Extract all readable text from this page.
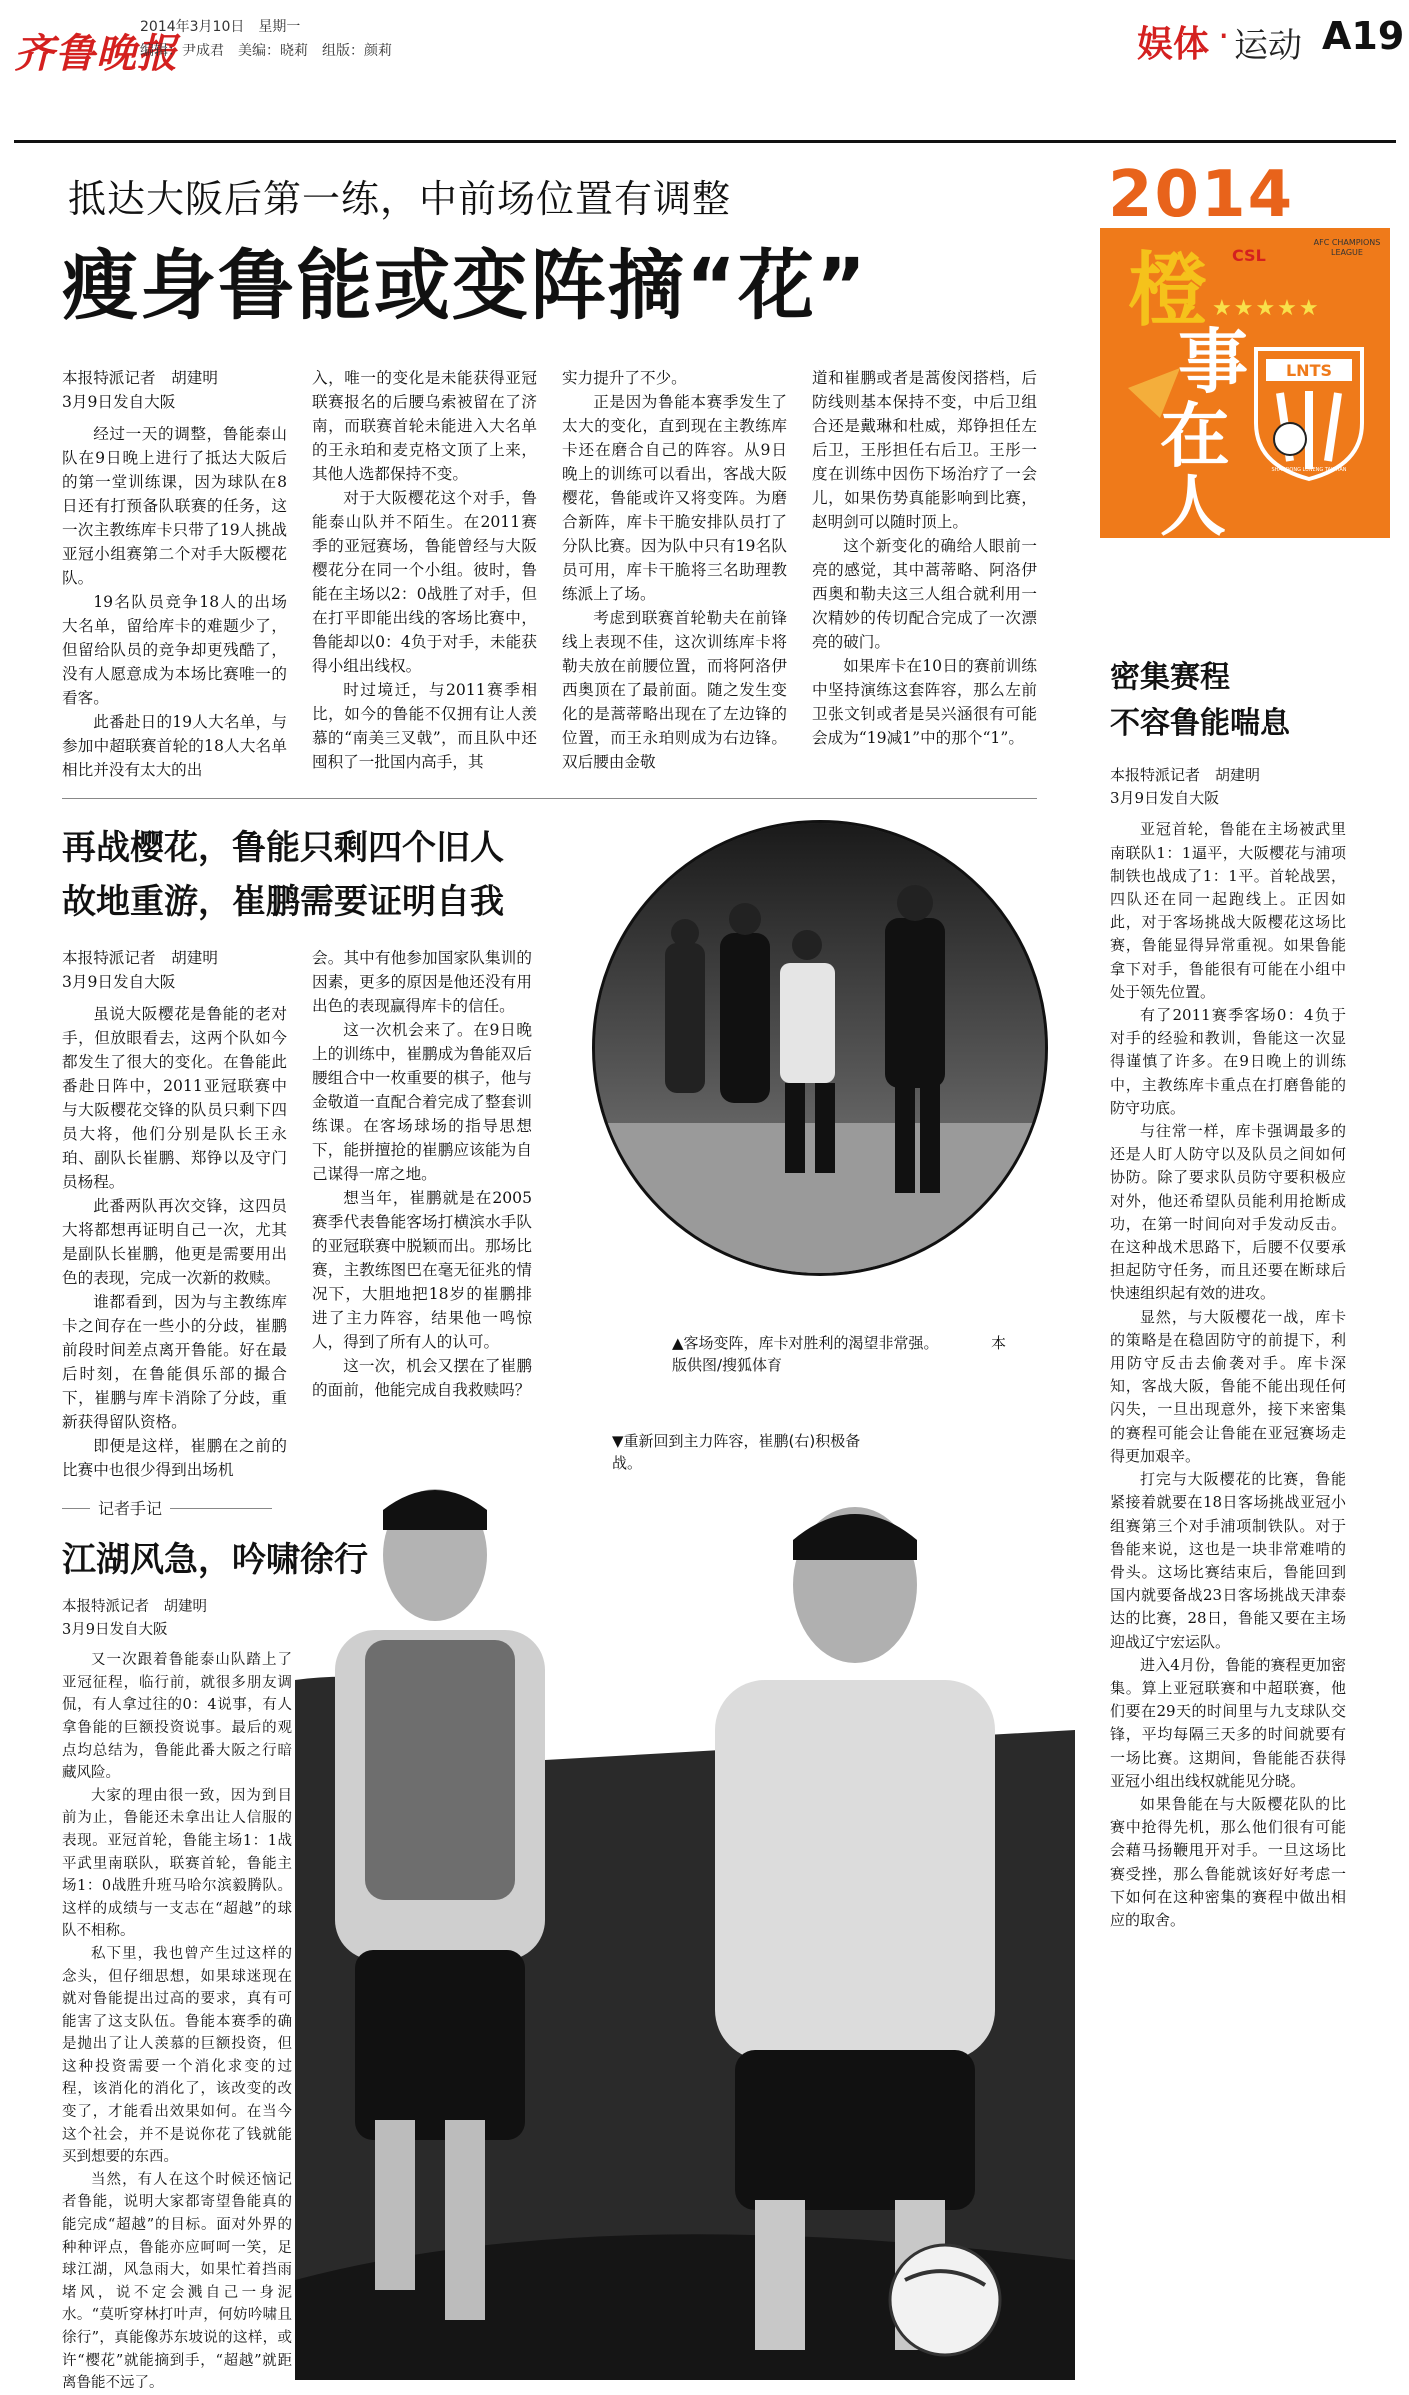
齐鲁晚报
2014年3月10日　星期一
编辑：尹成君　美编：晓莉　组版：颜莉	娱体 · 运动 A19
抵达大阪后第一练，中前场位置有调整
瘦身鲁能或变阵摘“花”
2014
橙
事
在
人
★★★★★
CSL
AFC CHAMPIONS LEAGUE
LNTS
SHANDONG LUNENG TAISHAN

本报特派记者　胡建明

3月9日发自大阪

经过一天的调整，鲁能泰山队在9日晚上进行了抵达大阪后的第一堂训练课，因为球队在8日还有打预备队联赛的任务，这一次主教练库卡只带了19人挑战亚冠小组赛第二个对手大阪樱花队。

19名队员竞争18人的出场大名单，留给库卡的难题少了，但留给队员的竞争却更残酷了，没有人愿意成为本场比赛唯一的看客。

此番赴日的19人大名单，与参加中超联赛首轮的18人大名单相比并没有太大的出

入，唯一的变化是未能获得亚冠联赛报名的后腰乌索被留在了济南，而联赛首轮未能进入大名单的王永珀和麦克格文顶了上来，其他人选都保持不变。

对于大阪樱花这个对手，鲁能泰山队并不陌生。在2011赛季的亚冠赛场，鲁能曾经与大阪樱花分在同一个小组。彼时，鲁能在主场以2：0战胜了对手，但在打平即能出线的客场比赛中，鲁能却以0：4负于对手，未能获得小组出线权。

时过境迁，与2011赛季相比，如今的鲁能不仅拥有让人羡慕的“南美三叉戟”，而且队中还囤积了一批国内高手，其

实力提升了不少。

正是因为鲁能本赛季发生了太大的变化，直到现在主教练库卡还在磨合自己的阵容。从9日晚上的训练可以看出，客战大阪樱花，鲁能或许又将变阵。为磨合新阵，库卡干脆安排队员打了分队比赛。因为队中只有19名队员可用，库卡干脆将三名助理教练派上了场。

考虑到联赛首轮勒夫在前锋线上表现不佳，这次训练库卡将勒夫放在前腰位置，而将阿洛伊西奥顶在了最前面。随之发生变化的是蒿蒂略出现在了左边锋的位置，而王永珀则成为右边锋。双后腰由金敬

道和崔鹏或者是蒿俊闵搭档，后防线则基本保持不变，中后卫组合还是戴琳和杜威，郑铮担任左后卫，王彤担任右后卫。王彤一度在训练中因伤下场治疗了一会儿，如果伤势真能影响到比赛，赵明剑可以随时顶上。

这个新变化的确给人眼前一亮的感觉，其中蒿蒂略、阿洛伊西奥和勒夫这三人组合就利用一次精妙的传切配合完成了一次漂亮的破门。

如果库卡在10日的赛前训练中坚持演练这套阵容，那么左前卫张文钊或者是吴兴涵很有可能会成为“19减1”中的那个“1”。

再战樱花，鲁能只剩四个旧人
故地重游，崔鹏需要证明自我

本报特派记者　胡建明

3月9日发自大阪

虽说大阪樱花是鲁能的老对手，但放眼看去，这两个队如今都发生了很大的变化。在鲁能此番赴日阵中，2011亚冠联赛中与大阪樱花交锋的队员只剩下四员大将，他们分别是队长王永珀、副队长崔鹏、郑铮以及守门员杨程。

此番两队再次交锋，这四员大将都想再证明自己一次，尤其是副队长崔鹏，他更是需要用出色的表现，完成一次新的救赎。

谁都看到，因为与主教练库卡之间存在一些小的分歧，崔鹏前段时间差点离开鲁能。好在最后时刻，在鲁能俱乐部的撮合下，崔鹏与库卡消除了分歧，重新获得留队资格。

即便是这样，崔鹏在之前的比赛中也很少得到出场机

会。其中有他参加国家队集训的因素，更多的原因是他还没有用出色的表现赢得库卡的信任。

这一次机会来了。在9日晚上的训练中，崔鹏成为鲁能双后腰组合中一枚重要的棋子，他与金敬道一直配合着完成了整套训练课。在客场球场的指导思想下，能拼擅抢的崔鹏应该能为自己谋得一席之地。

想当年，崔鹏就是在2005赛季代表鲁能客场打横滨水手队的亚冠联赛中脱颖而出。那场比赛，主教练图巴在毫无征兆的情况下，大胆地把18岁的崔鹏排进了主力阵容，结果他一鸣惊人，得到了所有人的认可。

这一次，机会又摆在了崔鹏的面前，他能完成自我救赎吗？

▲客场变阵，库卡对胜利的渴望非常强。　　　　本版供图/搜狐体育
▼重新回到主力阵容，崔鹏(右)积极备战。
记者手记
江湖风急，吟啸徐行

本报特派记者　胡建明

3月9日发自大阪

又一次跟着鲁能泰山队踏上了亚冠征程，临行前，就很多朋友调侃，有人拿过往的0：4说事，有人拿鲁能的巨额投资说事。最后的观点均总结为，鲁能此番大阪之行暗藏风险。

大家的理由很一致，因为到目前为止，鲁能还未拿出让人信服的表现。亚冠首轮，鲁能主场1：1战平武里南联队，联赛首轮，鲁能主场1：0战胜升班马哈尔滨毅腾队。这样的成绩与一支志在“超越”的球队不相称。

私下里，我也曾产生过这样的念头，但仔细思想，如果球迷现在就对鲁能提出过高的要求，真有可能害了这支队伍。鲁能本赛季的确是抛出了让人羡慕的巨额投资，但这种投资需要一个消化求变的过程，该消化的消化了，该改变的改变了，才能看出效果如何。在当今这个社会，并不是说你花了钱就能买到想要的东西。

当然，有人在这个时候还恼记者鲁能，说明大家都寄望鲁能真的能完成“超越”的目标。面对外界的种种评点，鲁能亦应呵呵一笑，足球江湖，风急雨大，如果忙着挡雨堵风，说不定会溅自己一身泥水。“莫听穿林打叶声，何妨吟啸且徐行”，真能像苏东坡说的这样，或许“樱花”就能摘到手，“超越”就距离鲁能不远了。

密集赛程
不容鲁能喘息

本报特派记者　胡建明

3月9日发自大阪

亚冠首轮，鲁能在主场被武里南联队1：1逼平，大阪樱花与浦项制铁也战成了1：1平。首轮战罢，四队还在同一起跑线上。正因如此，对于客场挑战大阪樱花这场比赛，鲁能显得异常重视。如果鲁能拿下对手，鲁能很有可能在小组中处于领先位置。

有了2011赛季客场0：4负于对手的经验和教训，鲁能这一次显得谨慎了许多。在9日晚上的训练中，主教练库卡重点在打磨鲁能的防守功底。

与往常一样，库卡强调最多的还是人盯人防守以及队员之间如何协防。除了要求队员防守要积极应对外，他还希望队员能利用抢断成功，在第一时间向对手发动反击。在这种战术思路下，后腰不仅要承担起防守任务，而且还要在断球后快速组织起有效的进攻。

显然，与大阪樱花一战，库卡的策略是在稳固防守的前提下，利用防守反击去偷袭对手。库卡深知，客战大阪，鲁能不能出现任何闪失，一旦出现意外，接下来密集的赛程可能会让鲁能在亚冠赛场走得更加艰辛。

打完与大阪樱花的比赛，鲁能紧接着就要在18日客场挑战亚冠小组赛第三个对手浦项制铁队。对于鲁能来说，这也是一块非常难啃的骨头。这场比赛结束后，鲁能回到国内就要备战23日客场挑战天津泰达的比赛，28日，鲁能又要在主场迎战辽宁宏运队。

进入4月份，鲁能的赛程更加密集。算上亚冠联赛和中超联赛，他们要在29天的时间里与九支球队交锋，平均每隔三天多的时间就要有一场比赛。这期间，鲁能能否获得亚冠小组出线权就能见分晓。

如果鲁能在与大阪樱花队的比赛中抢得先机，那么他们很有可能会藉马扬鞭甩开对手。一旦这场比赛受挫，那么鲁能就该好好考虑一下如何在这种密集的赛程中做出相应的取舍。
